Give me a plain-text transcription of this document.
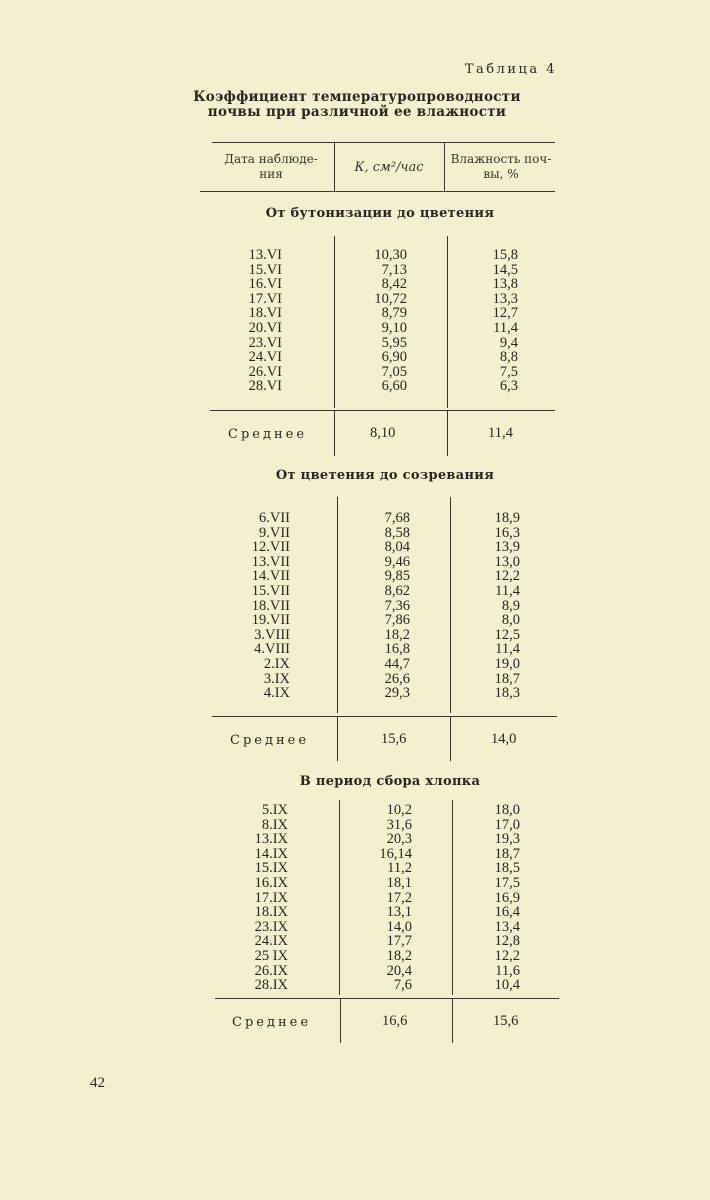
Таблица 4
Коэффициент температуропроводности
почвы при различной ее влажности
Дата наблюде-
ния	К, см²/час
Влажность поч-
вы, %
От бутонизации до цветения
13.VI	10,30	15,8
15.VI	7,13	14,5
16.VI	8,42	13,8
17.VI	10,72	13,3
18.VI	8,79	12,7
20.VI	9,10	11,4
23.VI	5,95	9,4
24.VI	6,90	8,8
26.VI	7,05	7,5
28.VI	6,60	6,3
Среднее	8,10	11,4
От цветения до созревания
6.VII	7,68	18,9
9.VII	8,58	16,3
12.VII	8,04	13,9
13.VII	9,46	13,0
14.VII	9,85	12,2
15.VII	8,62	11,4
18.VII	7,36	8,9
19.VII	7,86	8,0
3.VIII	18,2	12,5
4.VIII	16,8	11,4
2.IX	44,7	19,0
3.IX	26,6	18,7
4.IX	29,3	18,3
Среднее	15,6	14,0
В период сбора хлопка
5.IX	10,2	18,0
8.IX	31,6	17,0
13.IX	20,3	19,3
14.IX	16,14	18,7
15.IX	11,2	18,5
16.IX	18,1	17,5
17.IX	17,2	16,9
18.IX	13,1	16,4
23.IX	14,0	13,4
24.IX	17,7	12,8
25 IX	18,2	12,2
26.IX	20,4	11,6
28.IX	7,6	10,4
Среднее	16,6	15,6
42
